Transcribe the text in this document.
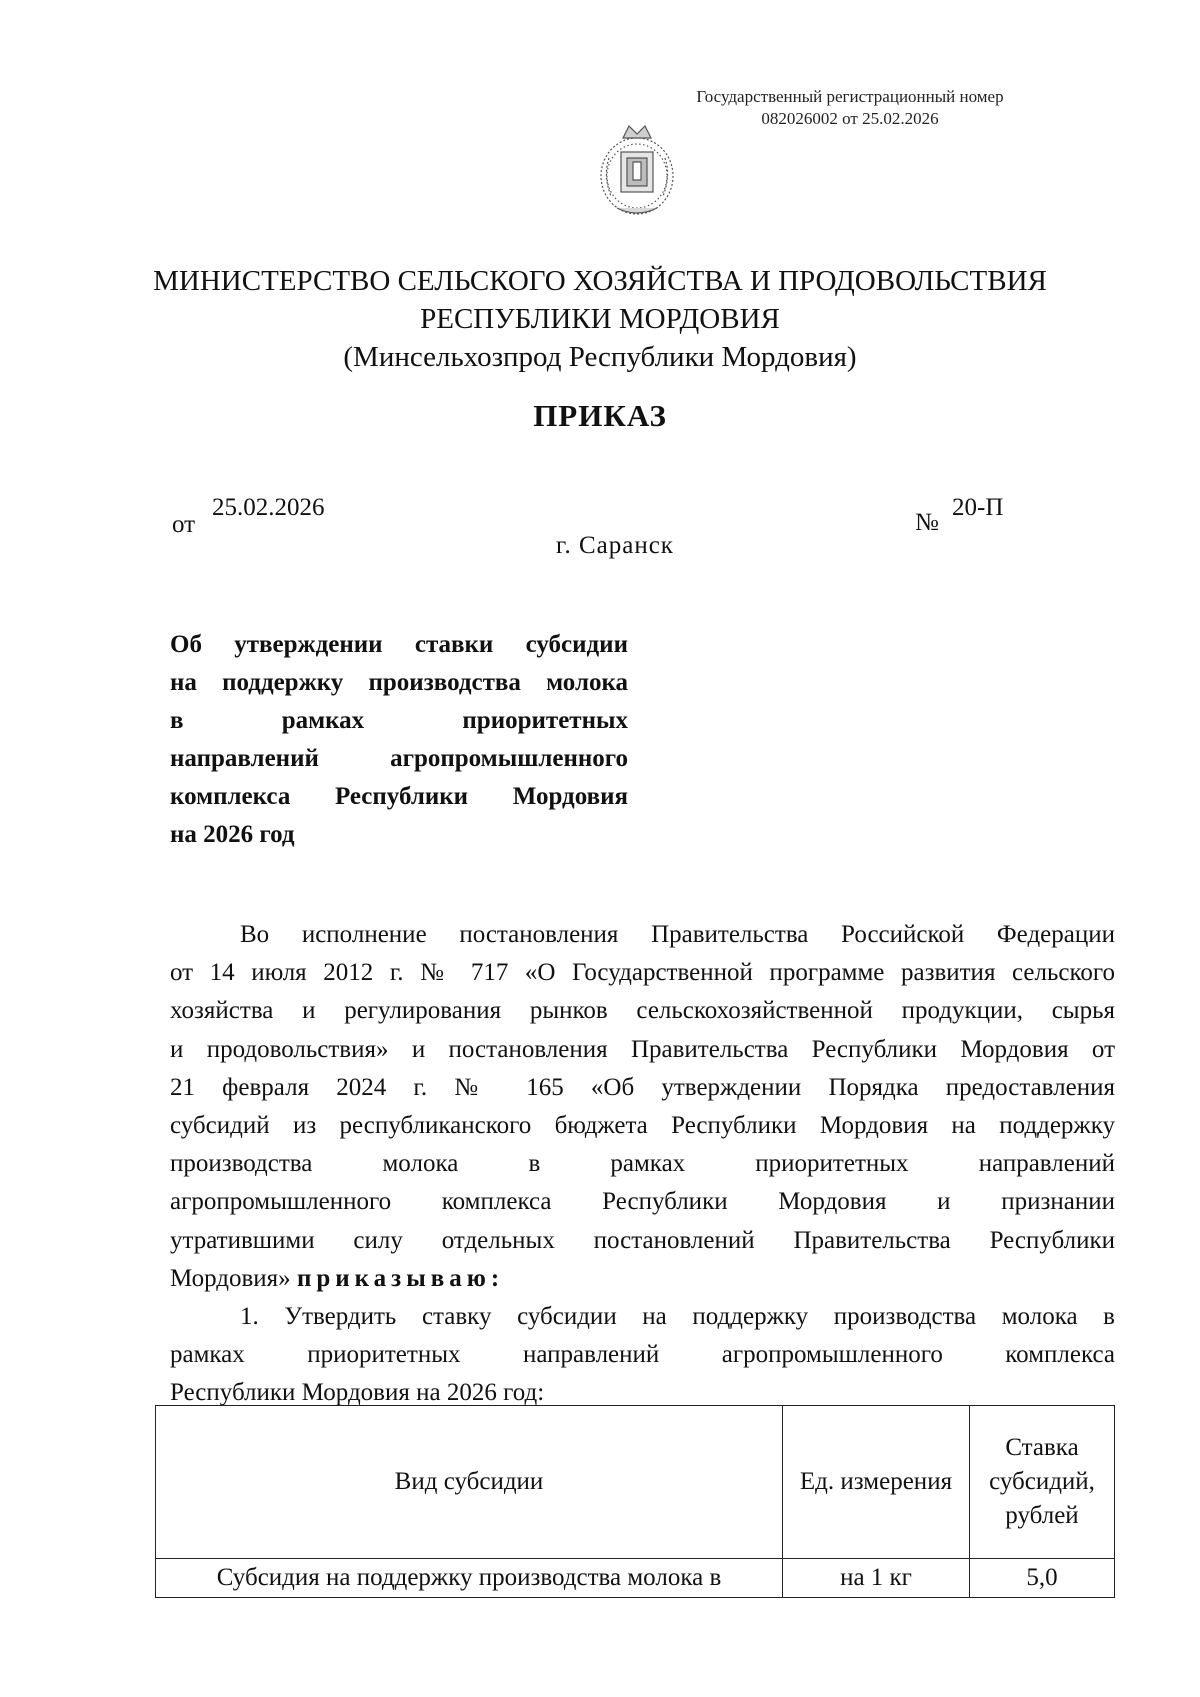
Государственный регистрационный номер
082026002 от 25.02.2026
МИНИСТЕРСТВО СЕЛЬСКОГО ХОЗЯЙСТВА И ПРОДОВОЛЬСТВИЯ
РЕСПУБЛИКИ МОРДОВИЯ
(Минсельхозпрод Республики Мордовия)
ПРИКАЗ
от
25.02.2026
№
20-П
г. Саранск
Об утверждении ставки субсидии
на поддержку производства молока
в рамках приоритетных
направлений агропромышленного
комплекса Республики Мордовия
на 2026 год
Во исполнение постановления Правительства Российской Федерации
от 14 июля 2012 г. № 717 «О Государственной программе развития сельского
хозяйства и регулирования рынков сельскохозяйственной продукции, сырья
и продовольствия» и постановления Правительства Республики Мордовия от
21 февраля 2024 г. № 165 «Об утверждении Порядка предоставления
субсидий из республиканского бюджета Республики Мордовия на поддержку
производства молока в рамках приоритетных направлений
агропромышленного комплекса Республики Мордовия и признании
утратившими силу отдельных постановлений Правительства Республики
Мордовия» приказываю:
1. Утвердить ставку субсидии на поддержку производства молока в
рамках приоритетных направлений агропромышленного комплекса
Республики Мордовия на 2026 год:
Вид субсидии	Ед. измерения	Ставка субсидий, рублей
Субсидия на поддержку производства молока в	на 1 кг	5,0
